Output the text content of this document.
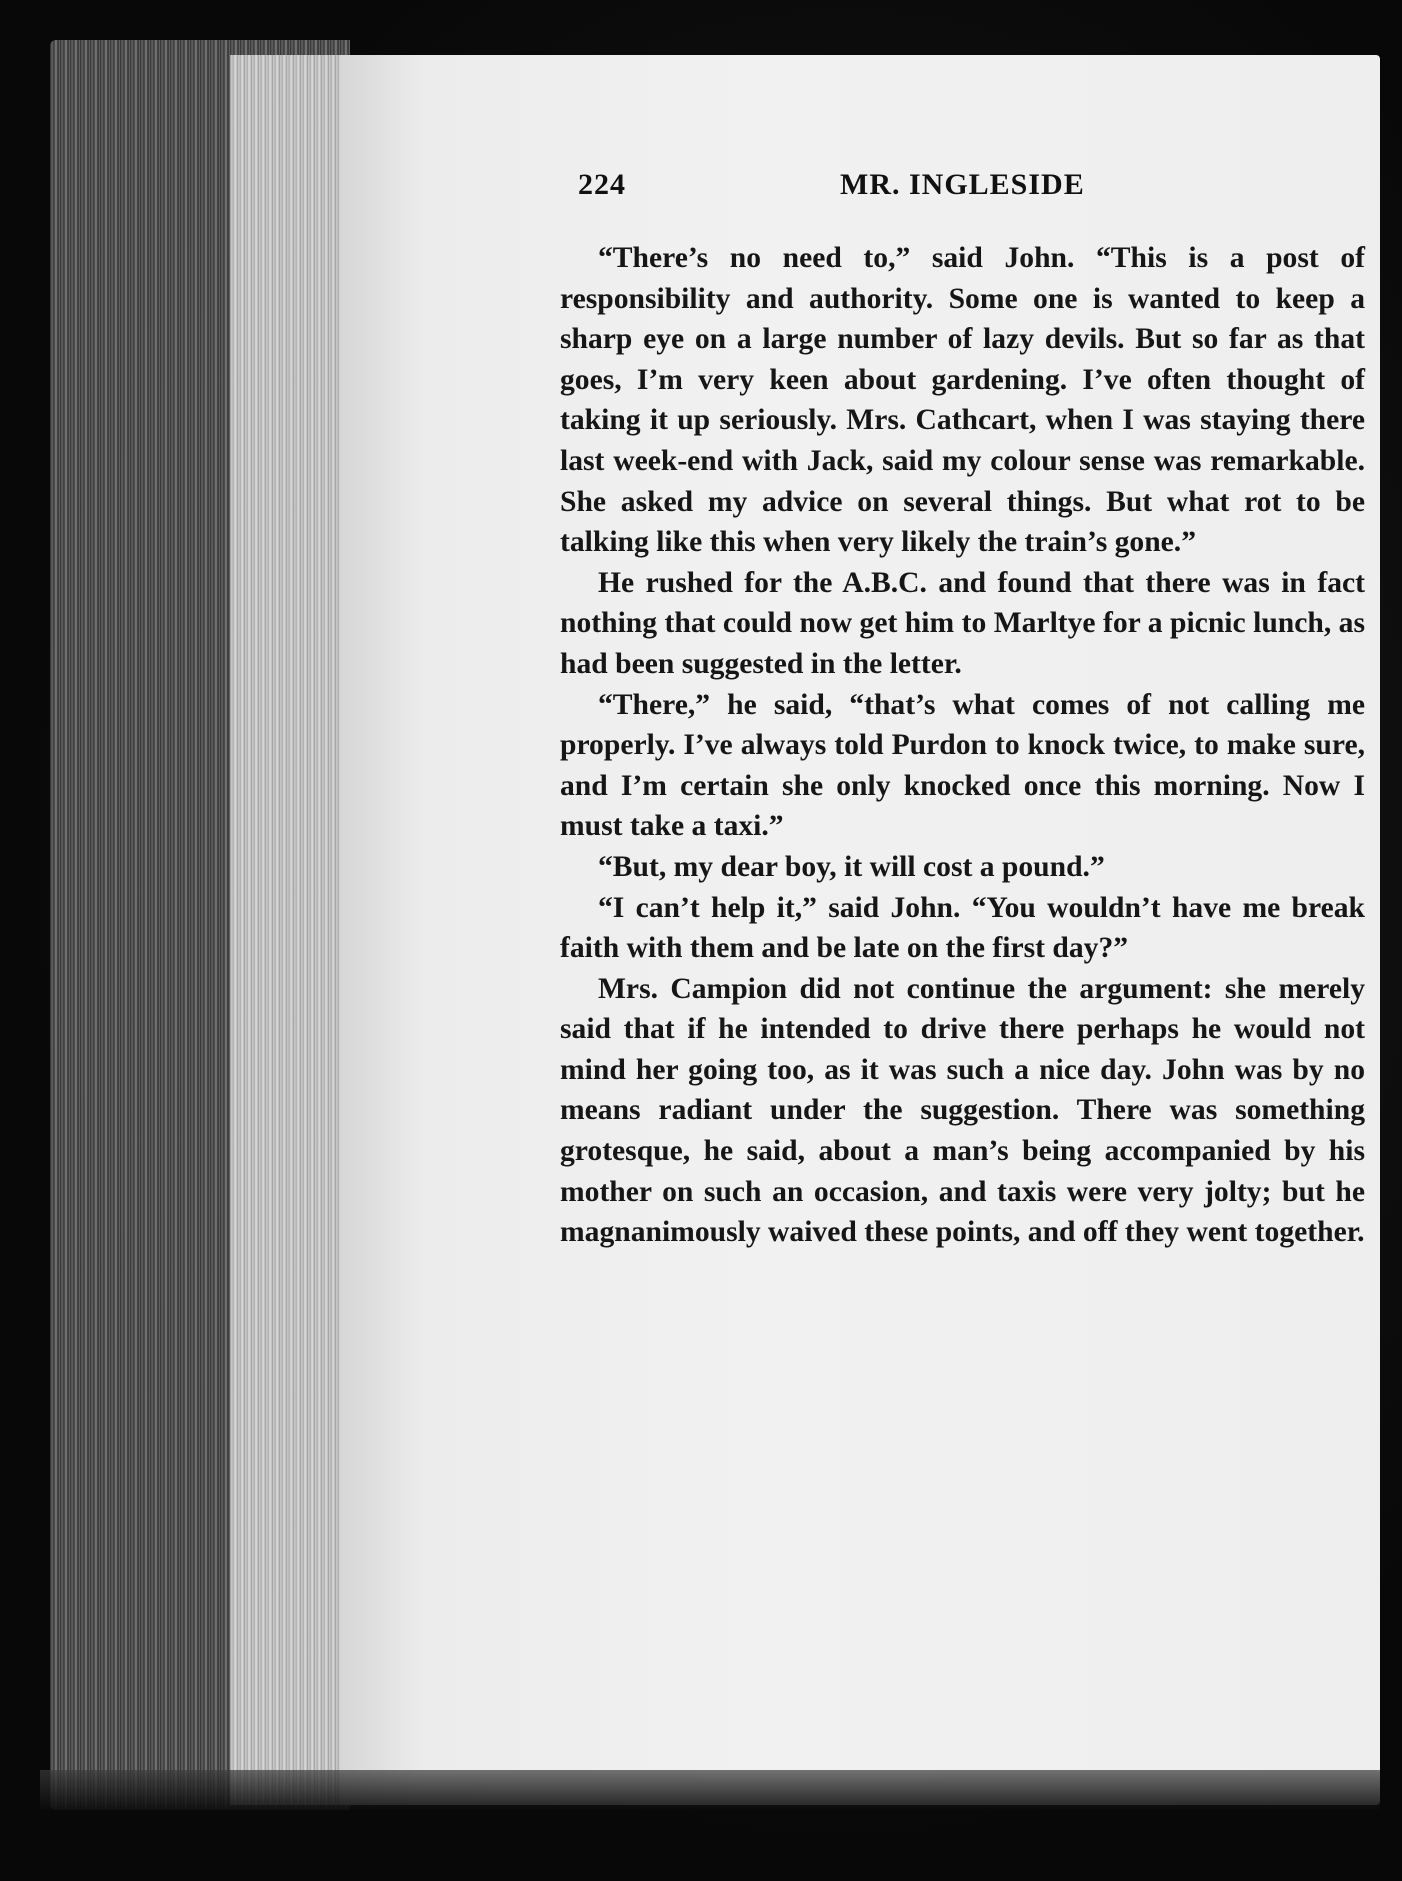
224	MR. INGLESIDE

“There’s no need to,” said John. “This is a post of responsibility and authority. Some one is wanted to keep a sharp eye on a large number of lazy devils. But so far as that goes, I’m very keen about gardening. I’ve often thought of taking it up seriously. Mrs. Cathcart, when I was staying there last week-end with Jack, said my colour sense was remarkable. She asked my advice on several things. But what rot to be talking like this when very likely the train’s gone.”

He rushed for the A.B.C. and found that there was in fact nothing that could now get him to Marltye for a picnic lunch, as had been suggested in the letter.

“There,” he said, “that’s what comes of not calling me properly. I’ve always told Purdon to knock twice, to make sure, and I’m certain she only knocked once this morning. Now I must take a taxi.”

“But, my dear boy, it will cost a pound.”

“I can’t help it,” said John. “You wouldn’t have me break faith with them and be late on the first day?”

Mrs. Campion did not continue the argument: she merely said that if he intended to drive there perhaps he would not mind her going too, as it was such a nice day. John was by no means radiant under the suggestion. There was something grotesque, he said, about a man’s being accompanied by his mother on such an occasion, and taxis were very jolty; but he magnanimously waived these points, and off they went together.
